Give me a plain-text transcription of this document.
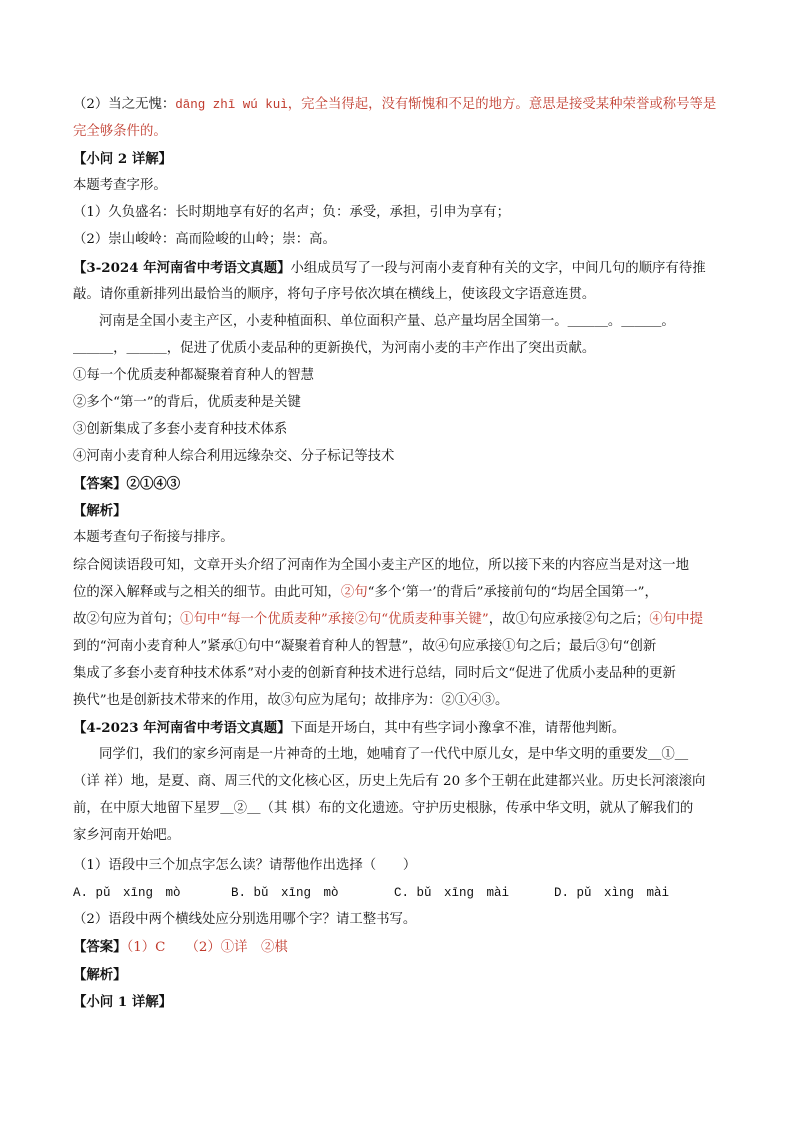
（2）当之无愧：dāng zhī wú kuì，完全当得起，没有惭愧和不足的地方。意思是接受某种荣誉或称号等是
完全够条件的。
【小问 2 详解】
本题考查字形。
（1）久负盛名：长时期地享有好的名声；负：承受，承担，引申为享有；
（2）崇山峻岭：高而险峻的山岭；崇：高。
【3-2024 年河南省中考语文真题】小组成员写了一段与河南小麦育种有关的文字，中间几句的顺序有待推
敲。请你重新排列出最恰当的顺序，将句子序号依次填在横线上，使该段文字语意连贯。
河南是全国小麦主产区，小麦种植面积、单位面积产量、总产量均居全国第一。＿＿＿。＿＿＿。
＿＿＿，＿＿＿，促进了优质小麦品种的更新换代，为河南小麦的丰产作出了突出贡献。
①每一个优质麦种都凝聚着育种人的智慧
②多个“第一”的背后，优质麦种是关键
③创新集成了多套小麦育种技术体系
④河南小麦育种人综合利用远缘杂交、分子标记等技术
【答案】②①④③
【解析】
本题考查句子衔接与排序。
综合阅读语段可知，文章开头介绍了河南作为全国小麦主产区的地位，所以接下来的内容应当是对这一地
位的深入解释或与之相关的细节。由此可知，②句“多个‘第一’的背后”承接前句的“均居全国第一”，
故②句应为首句；①句中“每一个优质麦种”承接②句“优质麦种事关键”，故①句应承接②句之后；④句中提
到的“河南小麦育种人”紧承①句中“凝聚着育种人的智慧”，故④句应承接①句之后；最后③句“创新
集成了多套小麦育种技术体系”对小麦的创新育种技术进行总结，同时后文“促进了优质小麦品种的更新
换代”也是创新技术带来的作用，故③句应为尾句；故排序为：②①④③。
【4-2023 年河南省中考语文真题】下面是开场白，其中有些字词小豫拿不准，请帮他判断。
同学们，我们的家乡河南是一片神奇的土地，她哺育了一代代中原儿女，是中华文明的重要发＿①＿
（详 祥）地，是夏、商、周三代的文化核心区，历史上先后有 20 多个王朝在此建都兴业。历史长河滚滚向
前，在中原大地留下星罗＿②＿（其 棋）布的文化遗迹。守护历史根脉，传承中华文明，就从了解我们的
家乡河南开始吧。
（1）语段中三个加点字怎么读？请帮他作出选择（　　）
A. pǔ　xīng　mò	B. bǔ　xīng　mò	C. bǔ　xīng　mài	D. pǔ　xìng　mài
（2）语段中两个横线处应分别选用哪个字？请工整书写。
【答案】（1）C　　（2）①详　②棋
【解析】
【小问 1 详解】
